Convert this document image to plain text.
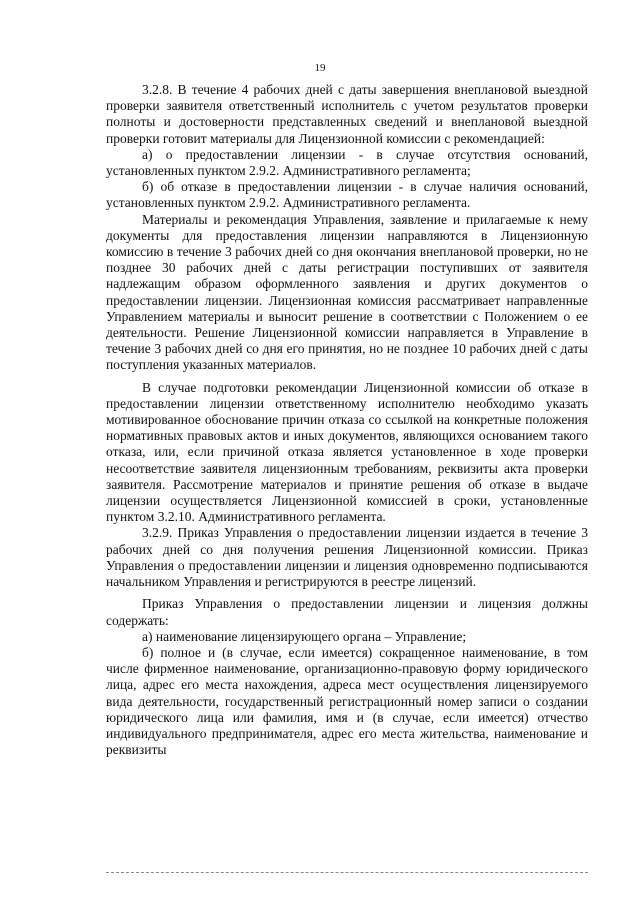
19

3.2.8. В течение 4 рабочих дней с даты завершения внеплановой выездной проверки заявителя ответственный исполнитель с учетом результатов проверки полноты и достоверности представленных сведений и внеплановой выездной проверки готовит материалы для Лицензионной комиссии с рекомендацией:

а) о предоставлении лицензии - в случае отсутствия оснований, установленных пунктом 2.9.2. Административного регламента;

б) об отказе в предоставлении лицензии - в случае наличия оснований, установленных пунктом 2.9.2. Административного регламента.

Материалы и рекомендация Управления, заявление и прилагаемые к нему документы для предоставления лицензии направляются в Лицензионную комиссию в течение 3 рабочих дней со дня окончания внеплановой проверки, но не позднее 30 рабочих дней с даты регистрации поступивших от заявителя надлежащим образом оформленного заявления и других документов о предоставлении лицензии. Лицензионная комиссия рассматривает направленные Управлением материалы и выносит решение в соответствии с Положением о ее деятельности. Решение Лицензионной комиссии направляется в Управление в течение 3 рабочих дней со дня его принятия, но не позднее 10 рабочих дней с даты поступления указанных материалов.

В случае подготовки рекомендации Лицензионной комиссии об отказе в предоставлении лицензии ответственному исполнителю необходимо указать мотивированное обоснование причин отказа со ссылкой на конкретные положения нормативных правовых актов и иных документов, являющихся основанием такого отказа, или, если причиной отказа является установленное в ходе проверки несоответствие заявителя лицензионным требованиям, реквизиты акта проверки заявителя. Рассмотрение материалов и принятие решения об отказе в выдаче лицензии осуществляется Лицензионной комиссией в сроки, установленные пунктом 3.2.10. Административного регламента.

3.2.9. Приказ Управления о предоставлении лицензии издается в течение 3 рабочих дней со дня получения решения Лицензионной комиссии. Приказ Управления о предоставлении лицензии и лицензия одновременно подписываются начальником Управления и регистрируются в реестре лицензий.

Приказ Управления о предоставлении лицензии и лицензия должны содержать:

а) наименование лицензирующего органа – Управление;

б) полное и (в случае, если имеется) сокращенное наименование, в том числе фирменное наименование, организационно-правовую форму юридического лица, адрес его места нахождения, адреса мест осуществления лицензируемого вида деятельности, государственный регистрационный номер записи о создании юридического лица или фамилия, имя и (в случае, если имеется) отчество индивидуального предпринимателя, адрес его места жительства, наименование и реквизиты
